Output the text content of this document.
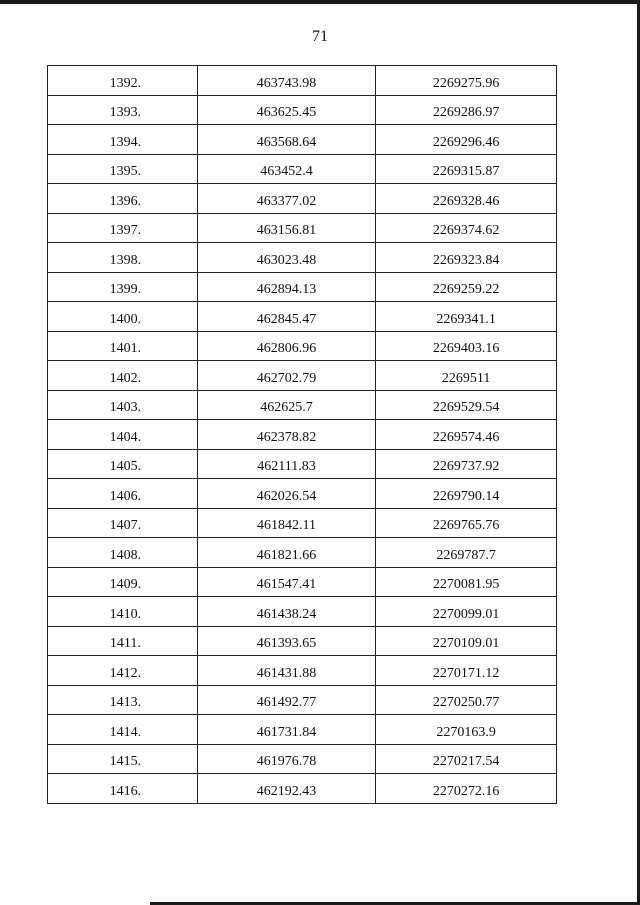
71
1392.	463743.98	2269275.96
1393.	463625.45	2269286.97
1394.	463568.64	2269296.46
1395.	463452.4	2269315.87
1396.	463377.02	2269328.46
1397.	463156.81	2269374.62
1398.	463023.48	2269323.84
1399.	462894.13	2269259.22
1400.	462845.47	2269341.1
1401.	462806.96	2269403.16
1402.	462702.79	2269511
1403.	462625.7	2269529.54
1404.	462378.82	2269574.46
1405.	462111.83	2269737.92
1406.	462026.54	2269790.14
1407.	461842.11	2269765.76
1408.	461821.66	2269787.7
1409.	461547.41	2270081.95
1410.	461438.24	2270099.01
1411.	461393.65	2270109.01
1412.	461431.88	2270171.12
1413.	461492.77	2270250.77
1414.	461731.84	2270163.9
1415.	461976.78	2270217.54
1416.	462192.43	2270272.16
